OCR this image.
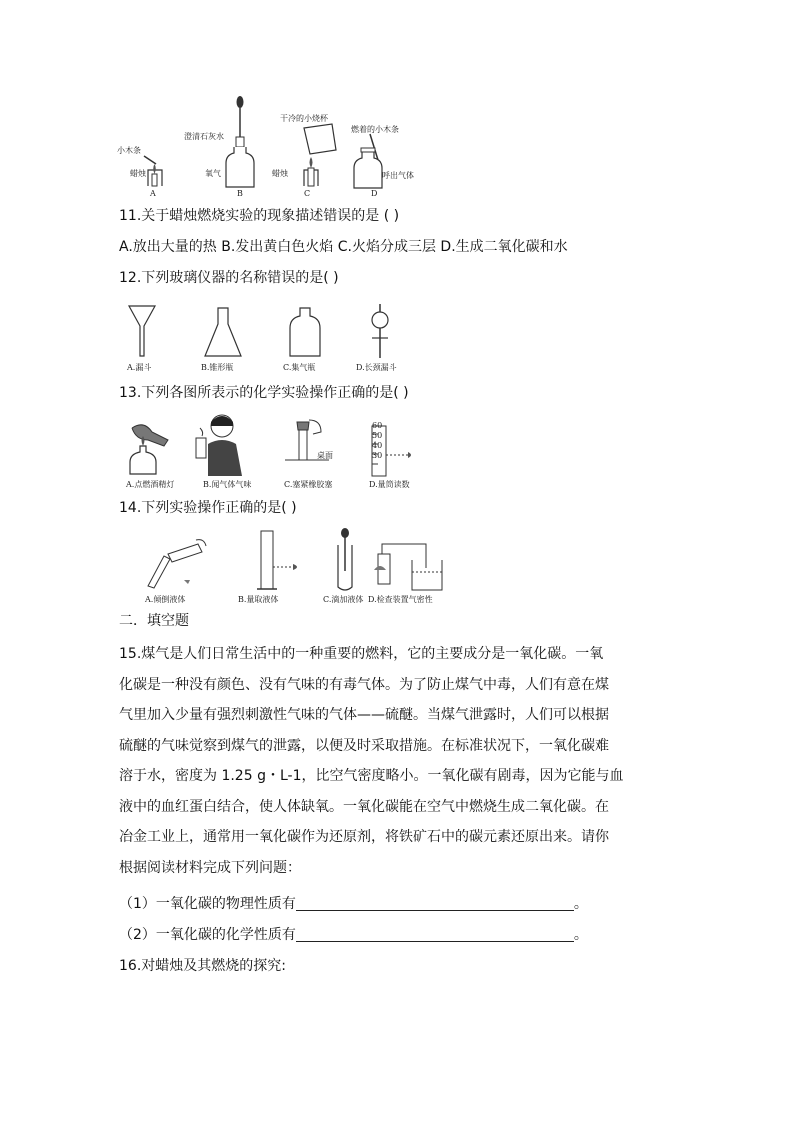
小木条
蜡烛
A
澄清石灰水
氧气
B
干冷的小烧杯
蜡烛
C
燃着的小木条
呼出气体
D
11.关于蜡烛燃烧实验的现象描述错误的是 ( )
A.放出大量的热 B.发出黄白色火焰 C.火焰分成三层 D.生成二氧化碳和水
12.下列玻璃仪器的名称错误的是( )
A.漏斗	B.锥形瓶	C.集气瓶	D.长颈漏斗
13.下列各图所表示的化学实验操作正确的是( )
桌面
60
50
40
30
A.点燃酒精灯	B.闻气体气味	C.塞紧橡胶塞	D.量筒读数
14.下列实验操作正确的是( )
A.倾倒液体	B.量取液体	C.滴加液体 D.检查装置气密性
二．填空题
15.煤气是人们日常生活中的一种重要的燃料，它的主要成分是一氧化碳。一氧
化碳是一种没有颜色、没有气味的有毒气体。为了防止煤气中毒，人们有意在煤
气里加入少量有强烈刺激性气味的气体——硫醚。当煤气泄露时，人们可以根据
硫醚的气味觉察到煤气的泄露，以便及时采取措施。在标准状况下，一氧化碳难
溶于水，密度为 1.25 g・L-1，比空气密度略小。一氧化碳有剧毒，因为它能与血
液中的血红蛋白结合，使人体缺氧。一氧化碳能在空气中燃烧生成二氧化碳。在
冶金工业上，通常用一氧化碳作为还原剂，将铁矿石中的碳元素还原出来。请你
根据阅读材料完成下列问题：
（1）一氧化碳的物理性质有	。
（2）一氧化碳的化学性质有	。
16.对蜡烛及其燃烧的探究:
